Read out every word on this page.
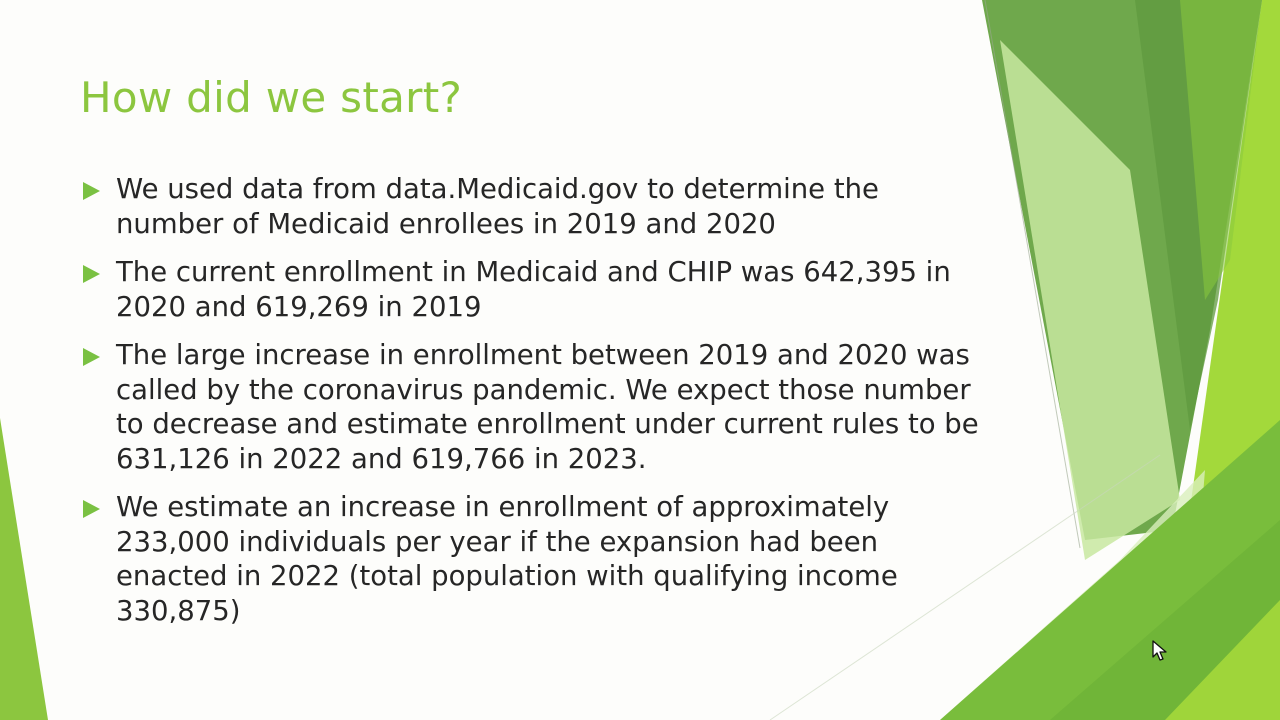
How did we start?
We used data from data.Medicaid.gov to determine the number of Medicaid enrollees in 2019 and 2020
The current enrollment in Medicaid and CHIP was 642,395 in 2020 and 619,269 in 2019
The large increase in enrollment between 2019 and 2020 was called by the coronavirus pandemic. We expect those number to decrease and estimate enrollment under current rules to be 631,126 in 2022 and 619,766 in 2023.
We estimate an increase in enrollment of approximately 233,000 individuals per year if the expansion had been enacted in 2022 (total population with qualifying income 330,875)
